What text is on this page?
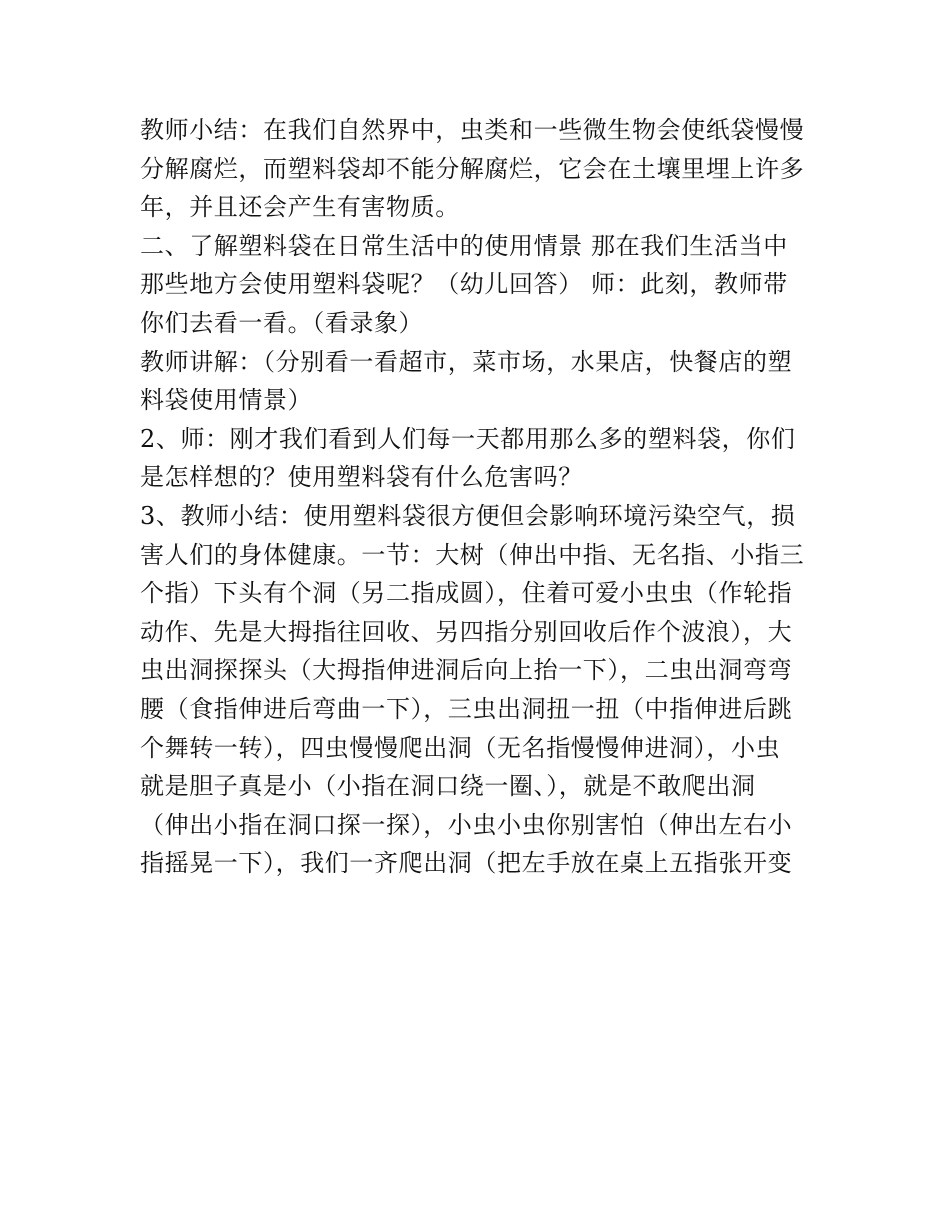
教师小结：在我们自然界中，虫类和一些微生物会使纸袋慢慢
分解腐烂，而塑料袋却不能分解腐烂，它会在土壤里埋上许多
年，并且还会产生有害物质。
二、了解塑料袋在日常生活中的使用情景 那在我们生活当中
那些地方会使用塑料袋呢？（幼儿回答） 师：此刻，教师带
你们去看一看。（看录象）
教师讲解：（分别看一看超市，菜市场，水果店，快餐店的塑
料袋使用情景）
2、师：刚才我们看到人们每一天都用那么多的塑料袋，你们
是怎样想的？使用塑料袋有什么危害吗？
3、教师小结：使用塑料袋很方便但会影响环境污染空气，损
害人们的身体健康。一节：大树（伸出中指、无名指、小指三
个指）下头有个洞（另二指成圆），住着可爱小虫虫（作轮指
动作、先是大拇指往回收、另四指分别回收后作个波浪），大
虫出洞探探头（大拇指伸进洞后向上抬一下），二虫出洞弯弯
腰（食指伸进后弯曲一下），三虫出洞扭一扭（中指伸进后跳
个舞转一转），四虫慢慢爬出洞（无名指慢慢伸进洞），小虫
就是胆子真是小（小指在洞口绕一圈、），就是不敢爬出洞
（伸出小指在洞口探一探），小虫小虫你别害怕（伸出左右小
指摇晃一下），我们一齐爬出洞（把左手放在桌上五指张开变
